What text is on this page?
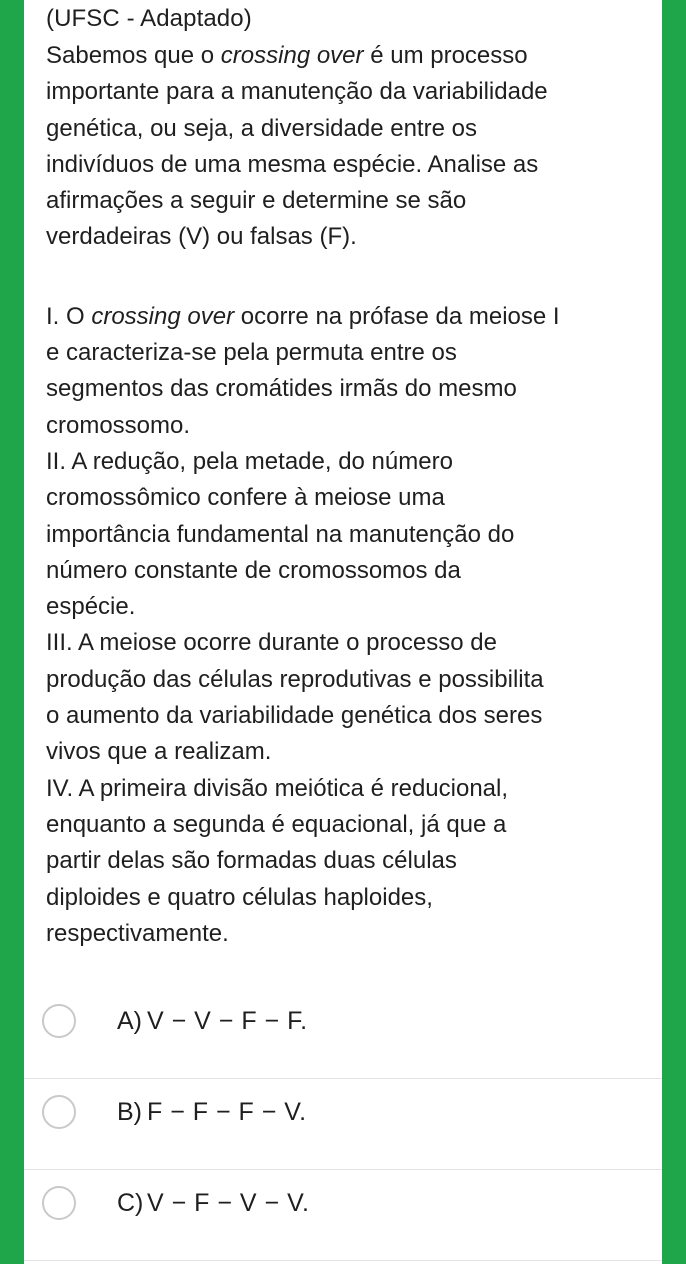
(UFSC - Adaptado)

Sabemos que o crossing over é um processo

importante para a manutenção da variabilidade

genética, ou seja, a diversidade entre os

indivíduos de uma mesma espécie. Analise as

afirmações a seguir e determine se são

verdadeiras (V) ou falsas (F).

I. O crossing over ocorre na prófase da meiose I

e caracteriza-se pela permuta entre os

segmentos das cromátides irmãs do mesmo

cromossomo.

II. A redução, pela metade, do número

cromossômico confere à meiose uma

importância fundamental na manutenção do

número constante de cromossomos da

espécie.

III. A meiose ocorre durante o processo de

produção das células reprodutivas e possibilita

o aumento da variabilidade genética dos seres

vivos que a realizam.

IV. A primeira divisão meiótica é reducional,

enquanto a segunda é equacional, já que a

partir delas são formadas duas células

diploides e quatro células haploides,

respectivamente.

A) V − V − F − F.
B) F − F − F − V.
C) V − F − V − V.
